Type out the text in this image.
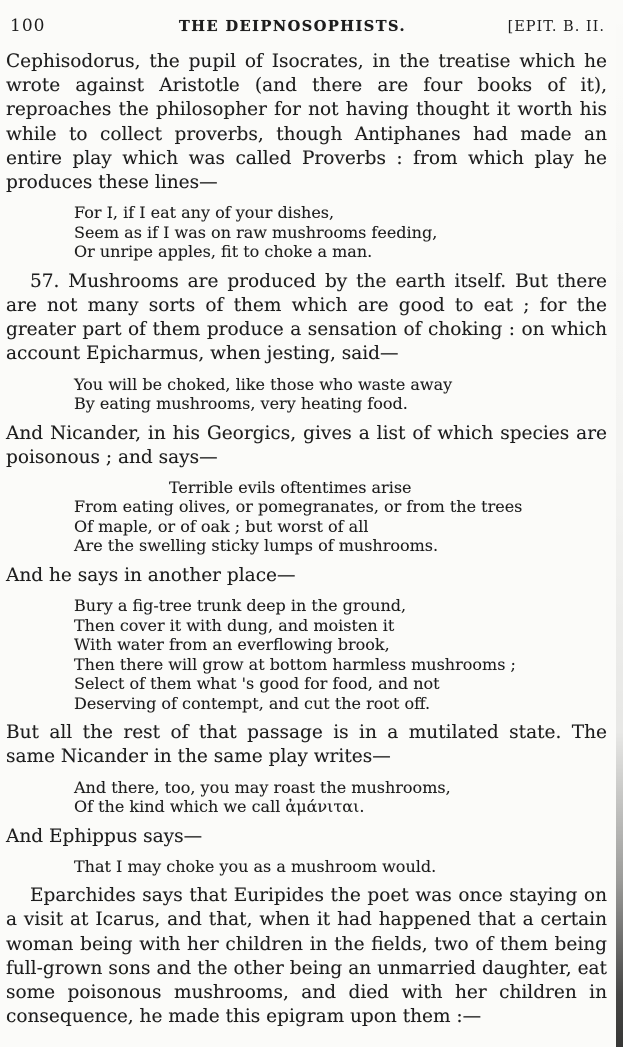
100	THE DEIPNOSOPHISTS.	[EPIT. B. II.

Cephisodorus, the pupil of Isocrates, in the treatise which he wrote against Aristotle (and there are four books of it), reproaches the philosopher for not having thought it worth his while to collect proverbs, though Antiphanes had made an entire play which was called Proverbs : from which play he produces these lines—

For I, if I eat any of your dishes,
Seem as if I was on raw mushrooms feeding,
Or unripe apples, fit to choke a man.

57. Mushrooms are produced by the earth itself. But there are not many sorts of them which are good to eat ; for the greater part of them produce a sensation of choking : on which account Epicharmus, when jesting, said—

You will be choked, like those who waste away
By eating mushrooms, very heating food.

And Nicander, in his Georgics, gives a list of which species are poisonous ; and says—

Terrible evils oftentimes arise
From eating olives, or pomegranates, or from the trees
Of maple, or of oak ; but worst of all
Are the swelling sticky lumps of mushrooms.

And he says in another place—

Bury a fig-tree trunk deep in the ground,
Then cover it with dung, and moisten it
With water from an everflowing brook,
Then there will grow at bottom harmless mushrooms ;
Select of them what 's good for food, and not
Deserving of contempt, and cut the root off.

But all the rest of that passage is in a mutilated state. The same Nicander in the same play writes—

And there, too, you may roast the mushrooms,
Of the kind which we call ἀμάνιται.

And Ephippus says—

That I may choke you as a mushroom would.

Eparchides says that Euripides the poet was once staying on a visit at Icarus, and that, when it had happened that a certain woman being with her children in the fields, two of them being full-grown sons and the other being an unmarried daughter, eat some poisonous mushrooms, and died with her children in consequence, he made this epigram upon them :—
